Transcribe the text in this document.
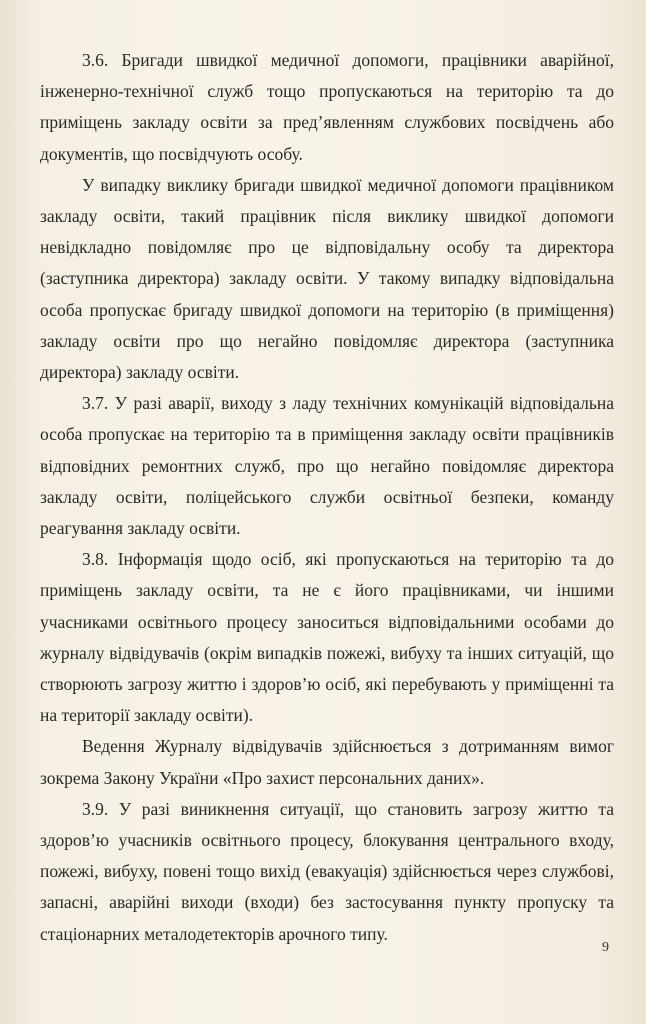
3.6. Бригади швидкої медичної допомоги, працівники аварійної, інженерно-технічної служб тощо пропускаються на територію та до приміщень закладу освіти за пред’явленням службових посвідчень або документів, що посвідчують особу.

У випадку виклику бригади швидкої медичної допомоги працівником закладу освіти, такий працівник після виклику швидкої допомоги невідкладно повідомляє про це відповідальну особу та директора (заступника директора) закладу освіти. У такому випадку відповідальна особа пропускає бригаду швидкої допомоги на територію (в приміщення) закладу освіти про що негайно повідомляє директора (заступника директора) закладу освіти.

3.7. У разі аварії, виходу з ладу технічних комунікацій відповідальна особа пропускає на територію та в приміщення закладу освіти працівників відповідних ремонтних служб, про що негайно повідомляє директора закладу освіти, поліцейського служби освітньої безпеки, команду реагування закладу освіти.

3.8. Інформація щодо осіб, які пропускаються на територію та до приміщень закладу освіти, та не є його працівниками, чи іншими учасниками освітнього процесу заноситься відповідальними особами до журналу відвідувачів (окрім випадків пожежі, вибуху та інших ситуацій, що створюють загрозу життю і здоров’ю осіб, які перебувають у приміщенні та на території закладу освіти).

Ведення Журналу відвідувачів здійснюється з дотриманням вимог зокрема Закону України «Про захист персональних даних».

3.9. У разі виникнення ситуації, що становить загрозу життю та здоров’ю учасників освітнього процесу, блокування центрального входу, пожежі, вибуху, повені тощо вихід (евакуація) здійснюється через службові, запасні, аварійні виходи (входи) без застосування пункту пропуску та стаціонарних металодетекторів арочного типу.

9
